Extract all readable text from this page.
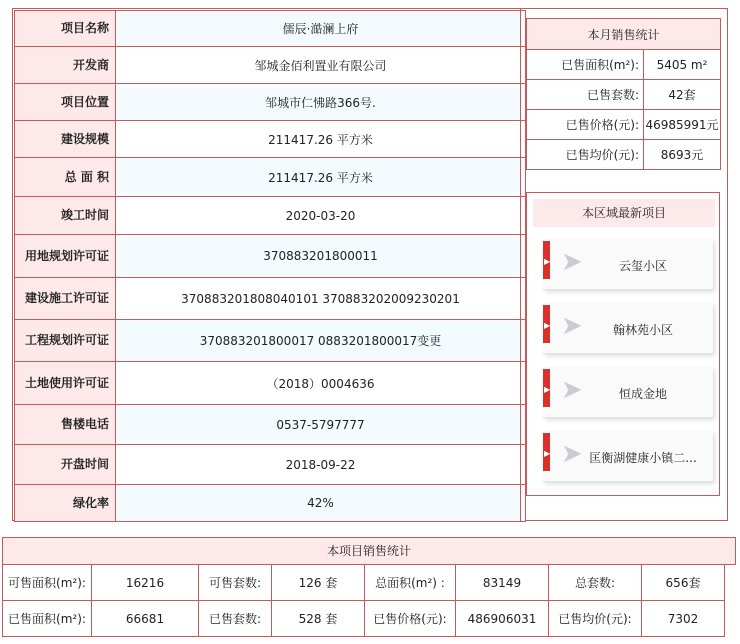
项目名称	儒辰·澔澜上府
开发商	邹城金佰利置业有限公司
项目位置	邹城市仁怫路366号.
建设规模	211417.26 平方米
总 面 积	211417.26 平方米
竣工时间	2020-03-20
用地规划许可证	370883201800011
建设施工许可证	370883201808040101 370883202009230201
工程规划许可证	370883201800017 0883201800017变更
土地使用许可证	（2018）0004636
售楼电话	0537-5797777
开盘时间	2018-09-22
绿化率	42%
本月销售统计	
已售面积(m²):	5405 m²
已售套数:	42套
已售价格(元):	46985991元
已售均价(元):	8693元
本区域最新项目
▶ ➤	云玺小区
▶ ➤	翰林苑小区
▶ ➤	恒成金地
▶ ➤ 匡衡湖健康小镇二...
本项目销售统计
可售面积(m²):	16216	可售套数:	126 套	总面积(m²) :	83149	总套数:	656套
已售面积(m²):	66681	已售套数:	528 套	已售价格(元):	486906031	已售均价(元):	7302
